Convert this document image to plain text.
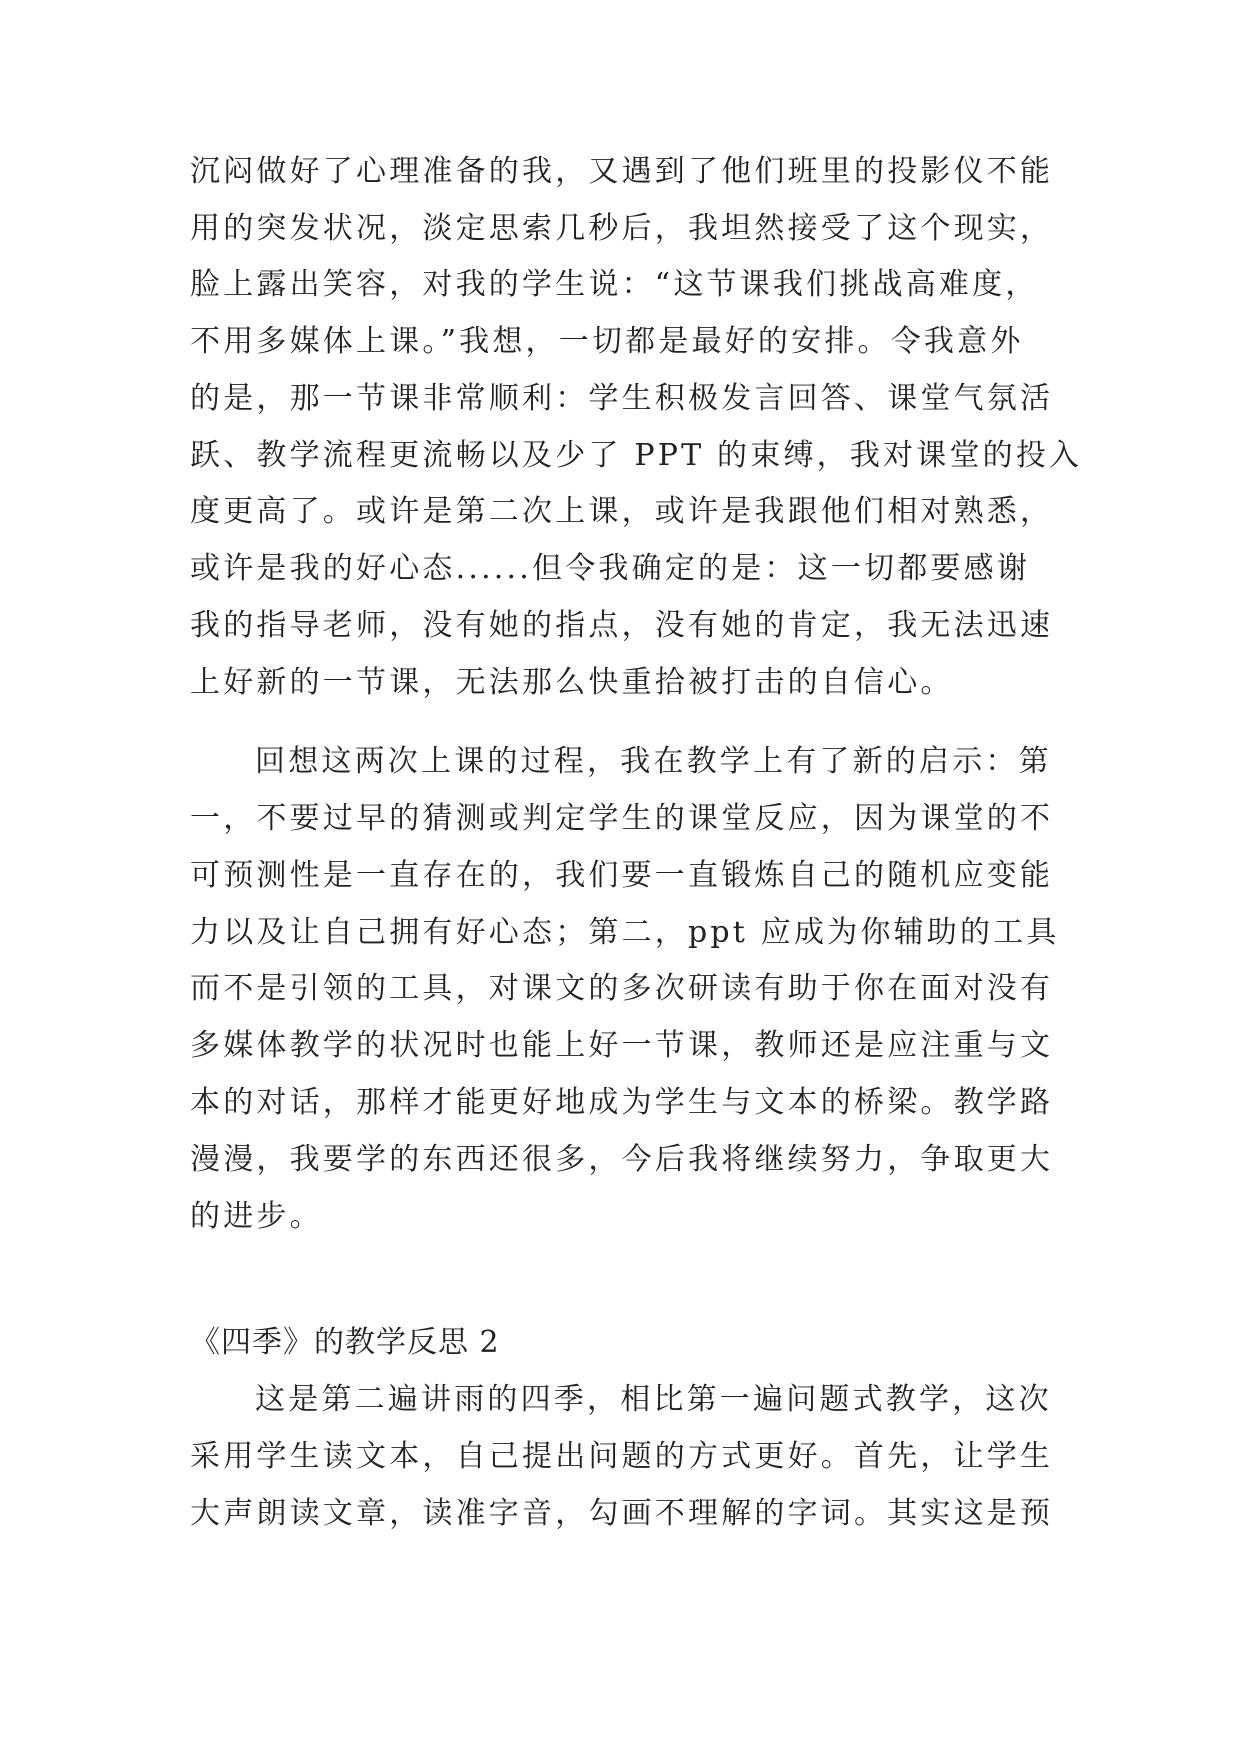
沉闷做好了心理准备的我，又遇到了他们班里的投影仪不能
用的突发状况，淡定思索几秒后，我坦然接受了这个现实，
脸上露出笑容，对我的学生说：“这节课我们挑战高难度，
不用多媒体上课。”我想，一切都是最好的安排。令我意外
的是，那一节课非常顺利：学生积极发言回答、课堂气氛活
跃、教学流程更流畅以及少了 PPT 的束缚，我对课堂的投入
度更高了。或许是第二次上课，或许是我跟他们相对熟悉，
或许是我的好心态......但令我确定的是：这一切都要感谢
我的指导老师，没有她的指点，没有她的肯定，我无法迅速
上好新的一节课，无法那么快重拾被打击的自信心。
回想这两次上课的过程，我在教学上有了新的启示：第
一，不要过早的猜测或判定学生的课堂反应，因为课堂的不
可预测性是一直存在的，我们要一直锻炼自己的随机应变能
力以及让自己拥有好心态；第二，ppt 应成为你辅助的工具
而不是引领的工具，对课文的多次研读有助于你在面对没有
多媒体教学的状况时也能上好一节课，教师还是应注重与文
本的对话，那样才能更好地成为学生与文本的桥梁。教学路
漫漫，我要学的东西还很多，今后我将继续努力，争取更大
的进步。
《四季》的教学反思 2
这是第二遍讲雨的四季，相比第一遍问题式教学，这次
采用学生读文本，自己提出问题的方式更好。首先，让学生
大声朗读文章，读准字音，勾画不理解的字词。其实这是预
